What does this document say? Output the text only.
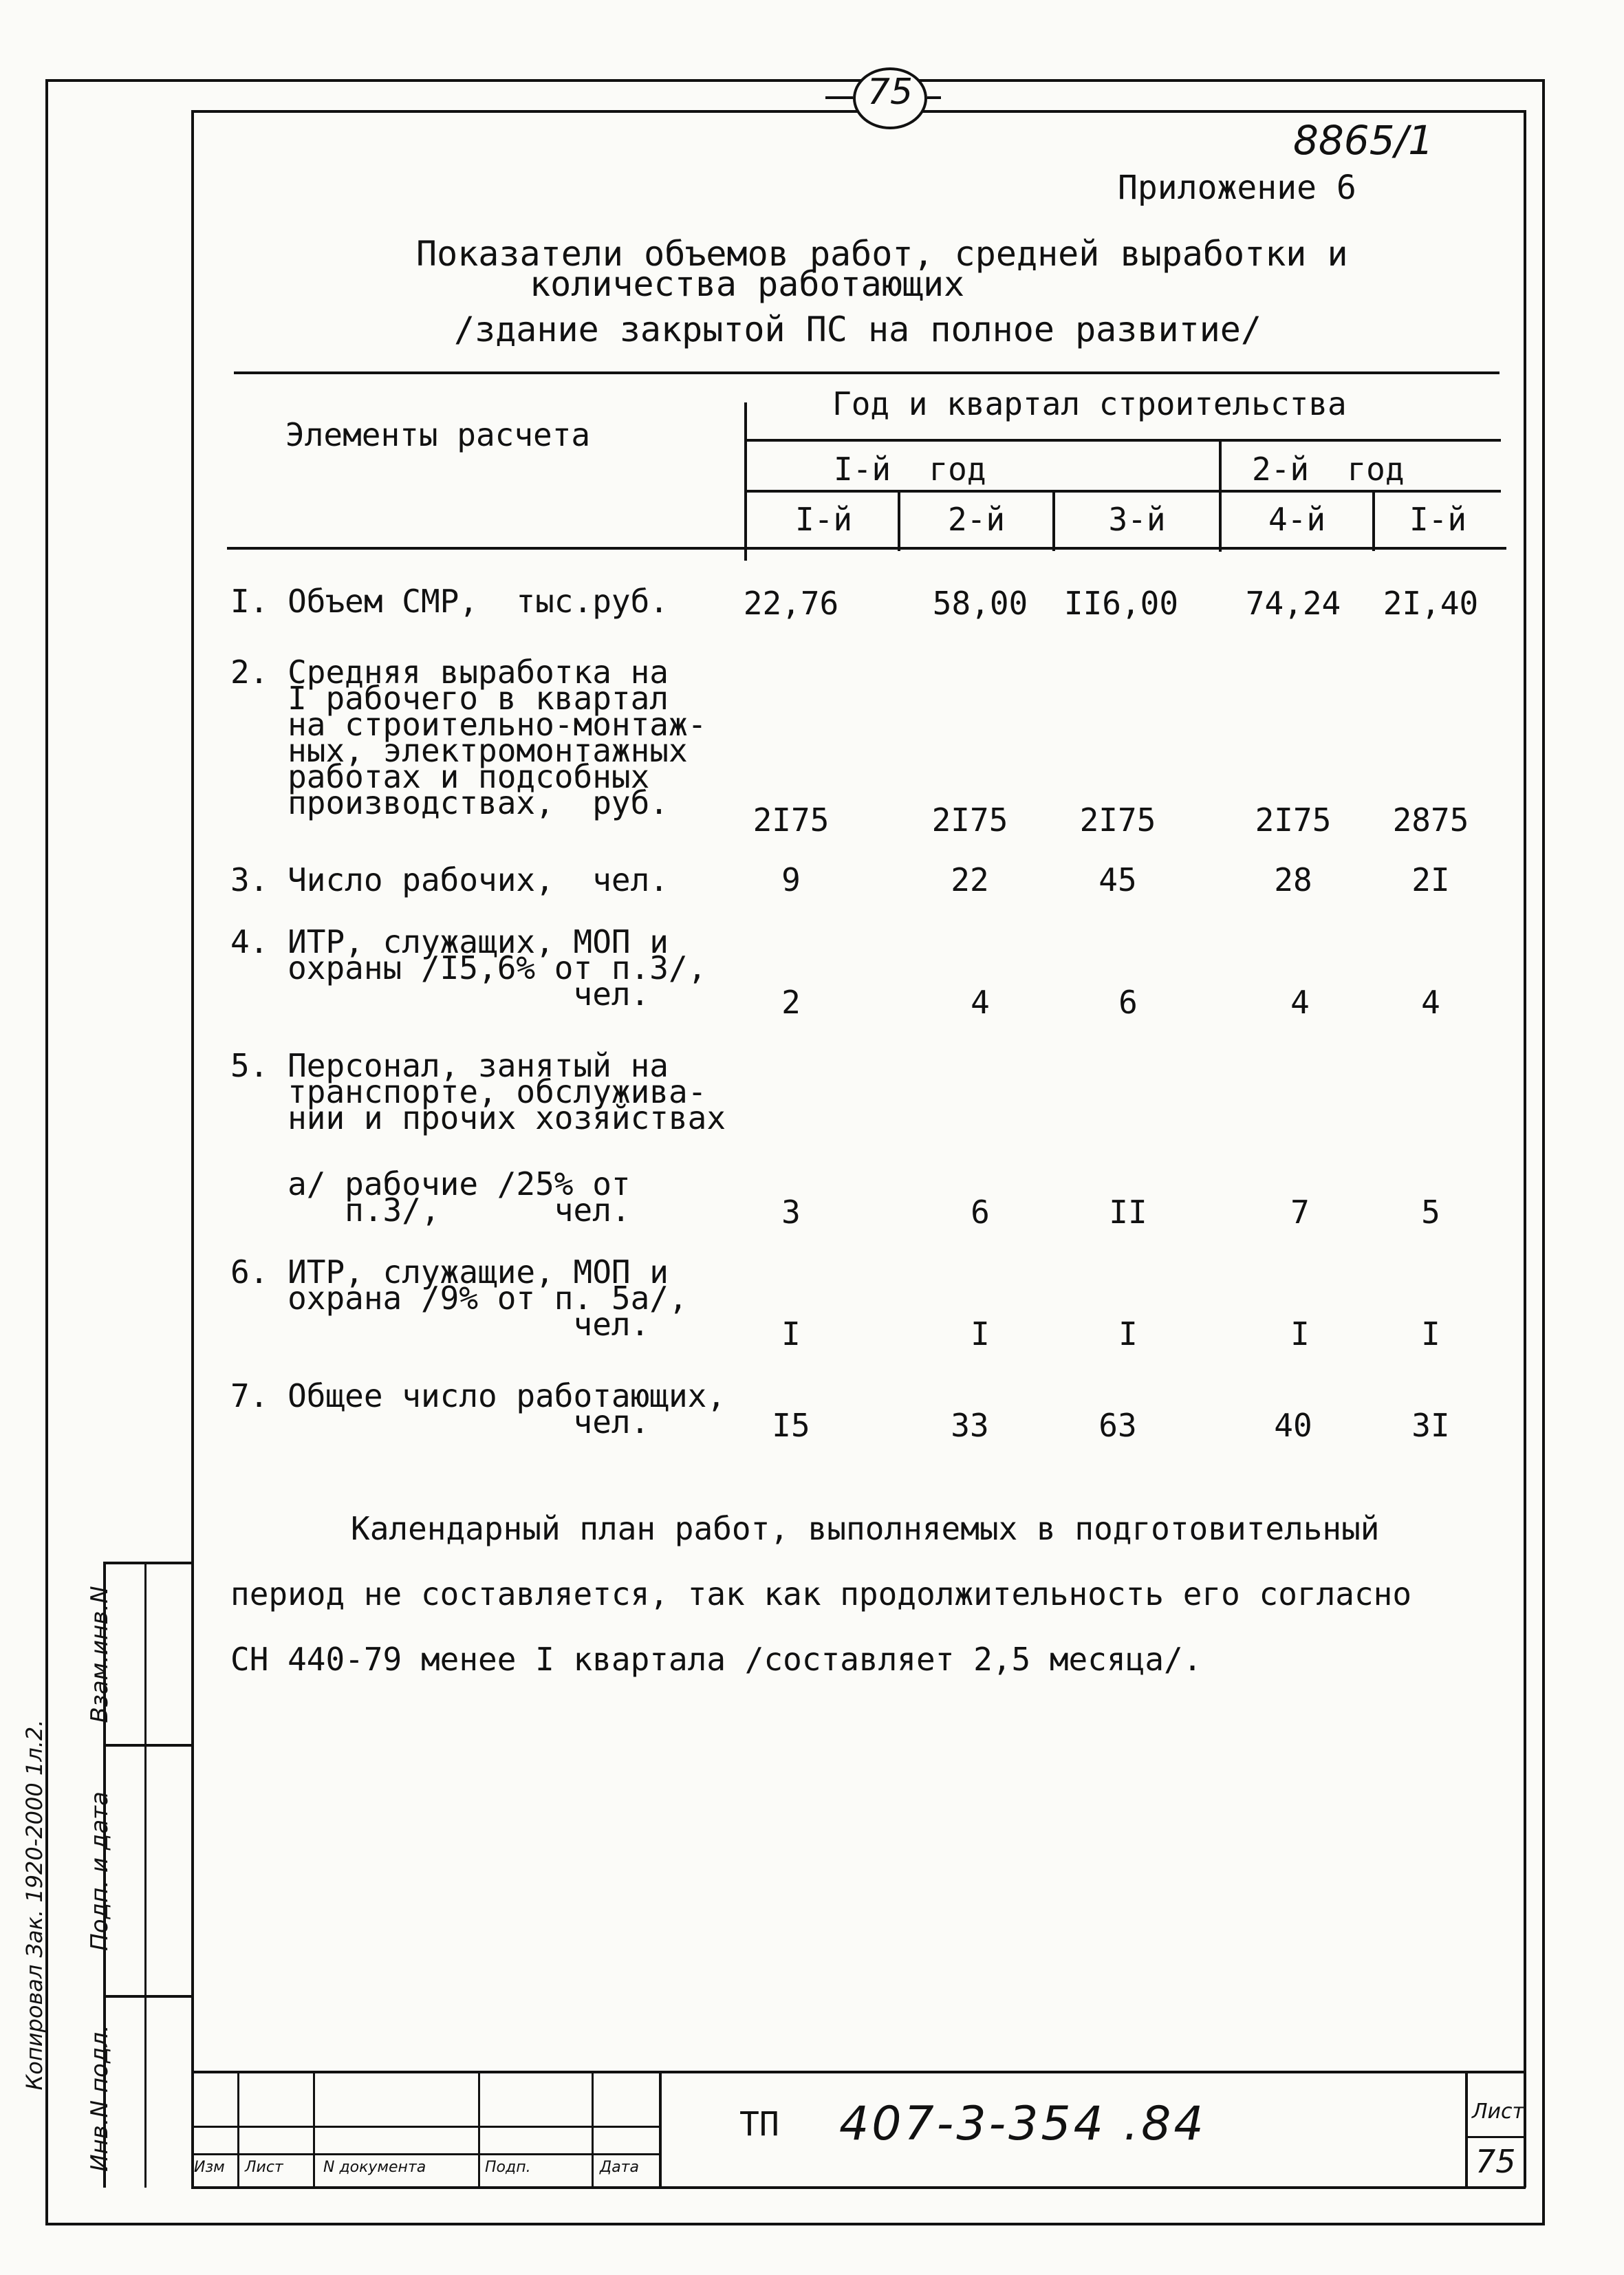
75
8865/1
Приложение 6
Показатели объемов работ, средней выработки и
количества работающих
/здание закрытой ПС на полное развитие/
Элементы расчета
Год и квартал строительства
I-й  год	2-й  год
I-й	2-й	3-й	4-й	I-й
I. Объем СМР,  тыс.руб.	22,76	58,00	II6,00	74,24	2I,40
2. Средняя выработка на
I рабочего в квартал
на строительно-монтаж-
ных, электромонтажных
работах и подсобных
производствах,  руб.	2I75	2I75	2I75	2I75	2875
3. Число рабочих,  чел.	9	22	45	28	2I
4. ИТР, служащих, МОП и
охраны /I5,6% от п.3/,
чел.	2	4	6	4	4
5. Персонал, занятый на
транспорте, обслужива-
нии и прочих хозяйствах
а/ рабочие /25% от
п.3/,      чел.	3	6	II	7	5
6. ИТР, служащие, МОП и
охрана /9% от п. 5а/,
чел.	I	I	I	I	I
7. Общее число работающих,
чел.	I5	33	63	40	3I
Календарный план работ, выполняемых в подготовительный
период не составляется, так как продолжительность его согласно
СН 440-79 менее I квартала /составляет 2,5 месяца/.
Взам.инв.N
Подп. и дата
Инв.N подл.
Копировал Зак. 1920-2000 1л.2.
Изм Лист	N документа	Подп.	Дата
ТП 407-3-354 .84	Лист
75
